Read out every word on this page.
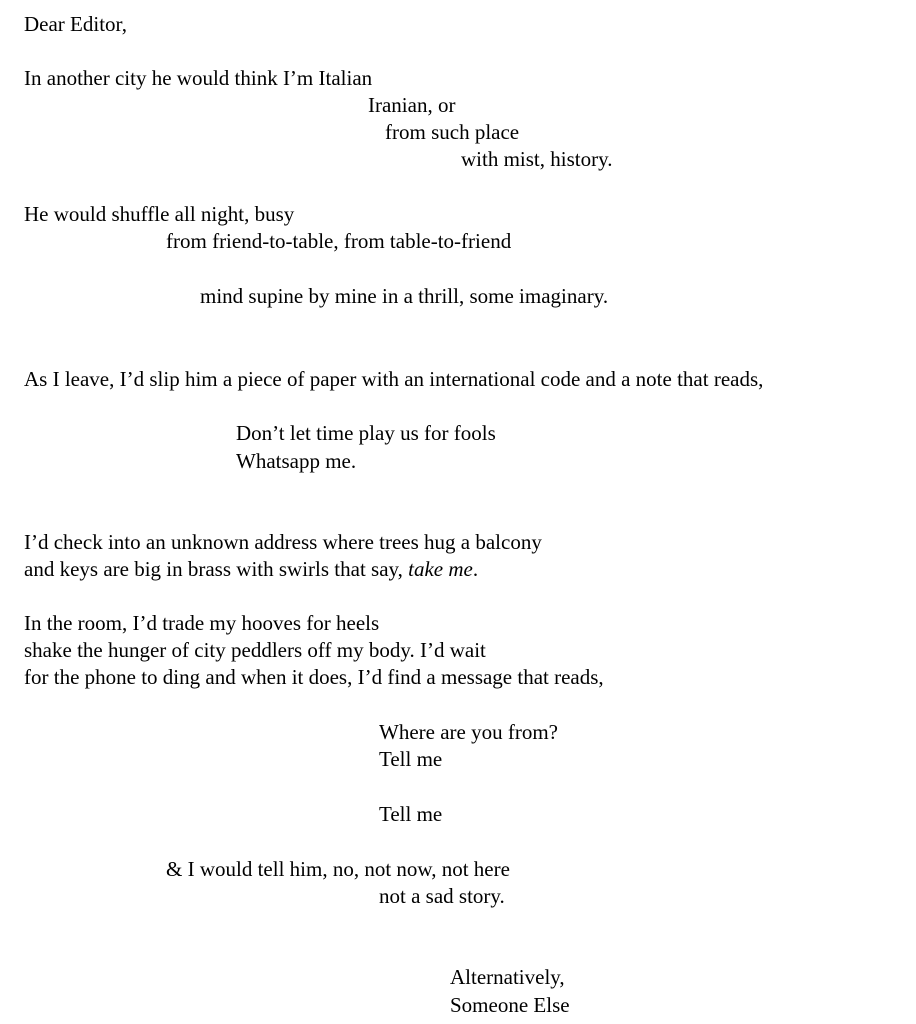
Dear Editor,

In another city he would think I’m Italian

Iranian, or

from such place

with mist, history.

He would shuffle all night, busy

from friend-to-table, from table-to-friend

mind supine by mine in a thrill, some imaginary.

As I leave, I’d slip him a piece of paper with an international code and a note that reads,

Don’t let time play us for fools

Whatsapp me.

I’d check into an unknown address where trees hug a balcony

and keys are big in brass with swirls that say, take me.

In the room, I’d trade my hooves for heels

shake the hunger of city peddlers off my body. I’d wait

for the phone to ding and when it does, I’d find a message that reads,

Where are you from?

Tell me

Tell me

& I would tell him, no, not now, not here

not a sad story.

Alternatively,

Someone Else
